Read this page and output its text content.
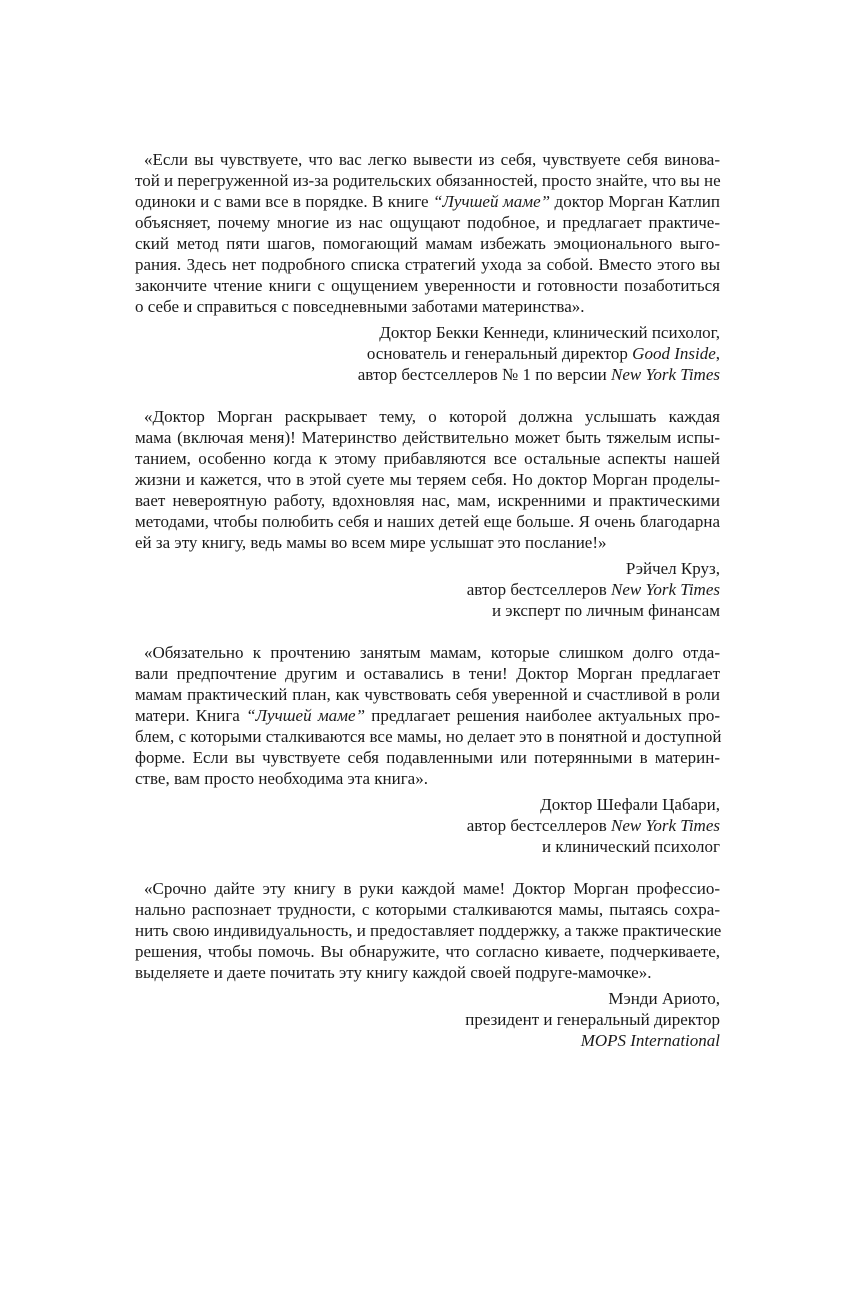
«Если вы чувствуете, что вас легко вывести из себя, чувствуете себя винова-
той и перегруженной из-за родительских обязанностей, просто знайте, что вы не
одиноки и с вами все в порядке. В книге “Лучшей маме” доктор Морган Катлип
объясняет, почему многие из нас ощущают подобное, и предлагает практиче-
ский метод пяти шагов, помогающий мамам избежать эмоционального выго-
рания. Здесь нет подробного списка стратегий ухода за собой. Вместо этого вы
закончите чтение книги с ощущением уверенности и готовности позаботиться
о себе и справиться с повседневными заботами материнства».
Доктор Бекки Кеннеди, клинический психолог,
основатель и генеральный директор Good Inside,
автор бестселлеров № 1 по версии New York Times
«Доктор Морган раскрывает тему, о которой должна услышать каждая
мама (включая меня)! Материнство действительно может быть тяжелым испы-
танием, особенно когда к этому прибавляются все остальные аспекты нашей
жизни и кажется, что в этой суете мы теряем себя. Но доктор Морган проделы-
вает невероятную работу, вдохновляя нас, мам, искренними и практическими
методами, чтобы полюбить себя и наших детей еще больше. Я очень благодарна
ей за эту книгу, ведь мамы во всем мире услышат это послание!»
Рэйчел Круз,
автор бестселлеров New York Times
и эксперт по личным финансам
«Обязательно к прочтению занятым мамам, которые слишком долго отда-
вали предпочтение другим и оставались в тени! Доктор Морган предлагает
мамам практический план, как чувствовать себя уверенной и счастливой в роли
матери. Книга “Лучшей маме” предлагает решения наиболее актуальных про-
блем, с которыми сталкиваются все мамы, но делает это в понятной и доступной
форме. Если вы чувствуете себя подавленными или потерянными в материн-
стве, вам просто необходима эта книга».
Доктор Шефали Цабари,
автор бестселлеров New York Times
и клинический психолог
«Срочно дайте эту книгу в руки каждой маме! Доктор Морган профессио-
нально распознает трудности, с которыми сталкиваются мамы, пытаясь сохра-
нить свою индивидуальность, и предоставляет поддержку, а также практические
решения, чтобы помочь. Вы обнаружите, что согласно киваете, подчеркиваете,
выделяете и даете почитать эту книгу каждой своей подруге-мамочке».
Мэнди Ариото,
президент и генеральный директор
MOPS International
